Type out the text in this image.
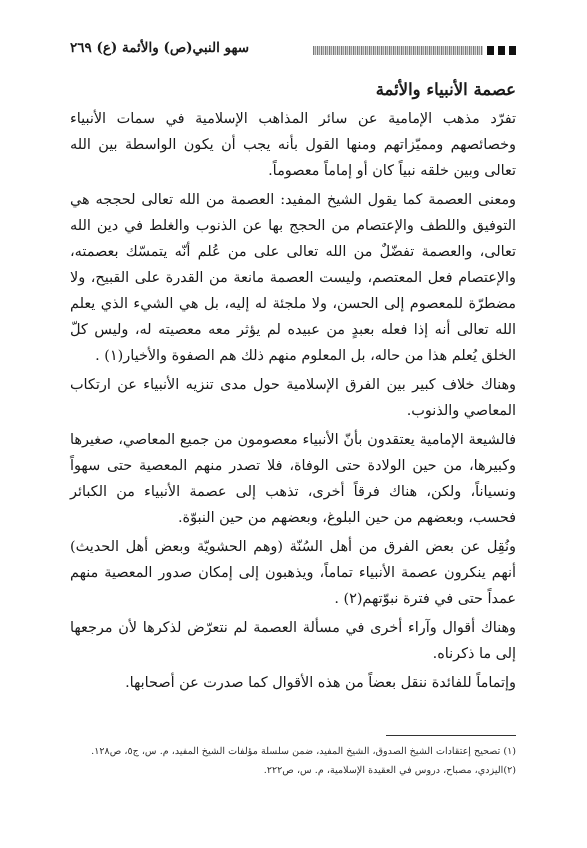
سهو النبي(ص) والأئمة (ع) ٢٦٩
عصمة الأنبياء والأئمة

تفرّد مذهب الإمامية عن سائر المذاهب الإسلامية في سمات الأنبياء وخصائصهم ومميّزاتهم ومنها القول بأنه يجب أن يكون الواسطة بين الله تعالى وبين خلقه نبياً كان أو إماماً معصوماً.

ومعنى العصمة كما يقول الشيخ المفيد: العصمة من الله تعالى لحججه هي التوفيق واللطف والإعتصام من الحجج بها عن الذنوب والغلط في دين الله تعالى، والعصمة تفضّلٌ من الله تعالى على من عُلم أنّه يتمسّك بعصمته، والإعتصام فعل المعتصم، وليست العصمة مانعة من القدرة على القبيح، ولا مضطرّة للمعصوم إلى الحسن، ولا ملجئة له إليه، بل هي الشيء الذي يعلم الله تعالى أنه إذا فعله بعبدٍ من عبيده لم يؤثر معه معصيته له، وليس كلّ الخلق يُعلم هذا من حاله، بل المعلوم منهم ذلك هم الصفوة والأخيار(١) .

وهناك خلاف كبير بين الفرق الإسلامية حول مدى تنزيه الأنبياء عن ارتكاب المعاصي والذنوب.

فالشيعة الإمامية يعتقدون بأنّ الأنبياء معصومون من جميع المعاصي، صغيرها وكبيرها، من حين الولادة حتى الوفاة، فلا تصدر منهم المعصية حتى سهواً ونسياناً، ولكن، هناك فرقاً أخرى، تذهب إلى عصمة الأنبياء من الكبائر فحسب، وبعضهم من حين البلوغ، وبعضهم من حين النبوّة.

ونُقِل عن بعض الفرق من أهل السُنّة (وهم الحشويّة وبعض أهل الحديث) أنهم ينكرون عصمة الأنبياء تماماً، ويذهبون إلى إمكان صدور المعصية منهم عمداً حتى في فترة نبوّتهم(٢) .

وهناك أقوال وآراء أخرى في مسألة العصمة لم نتعرّض لذكرها لأن مرجعها إلى ما ذكرناه.

وإتماماً للفائدة ننقل بعضاً من هذه الأقوال كما صدرت عن أصحابها.

(١) تصحيح إعتقادات الشيخ الصدوق، الشيخ المفيد، ضمن سلسلة مؤلفات الشيخ المفيد، م. س، ج٥، ص١٢٨.
(٢)اليزدي، مصباح، دروس في العقيدة الإسلامية، م. س، ص٢٢٢.
